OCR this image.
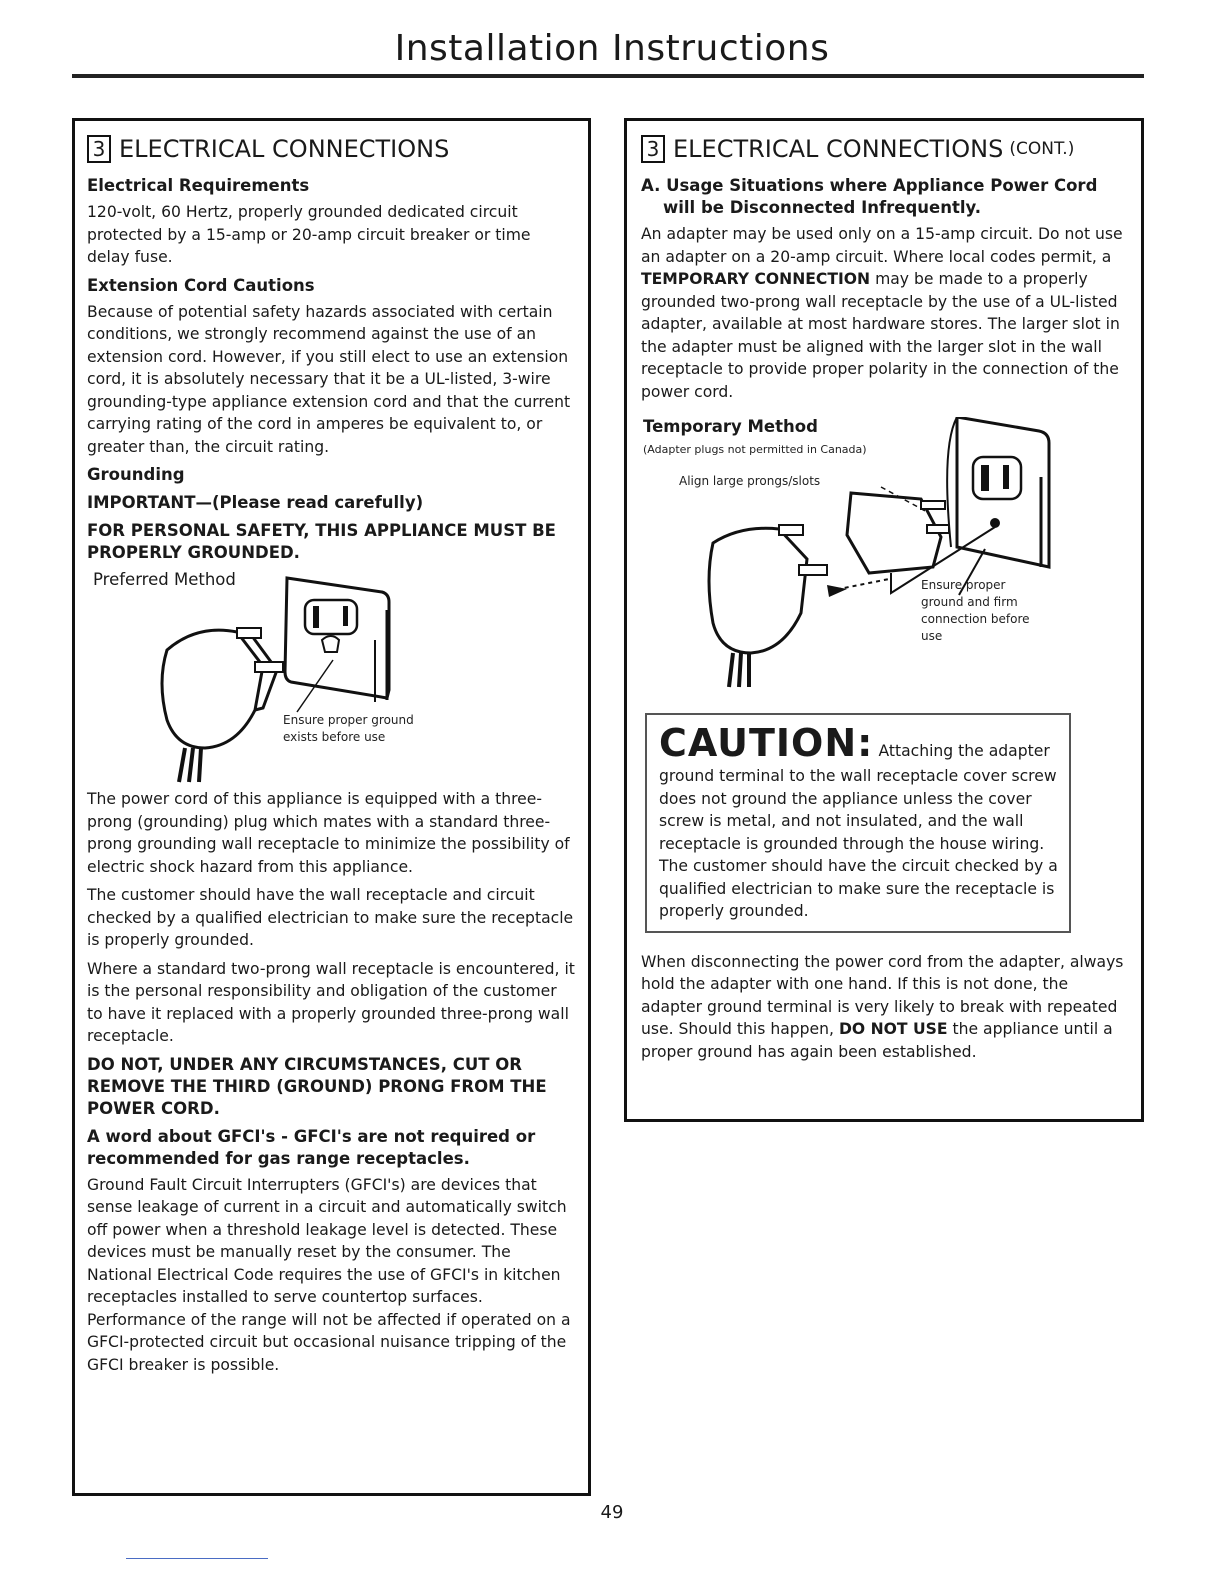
Installation Instructions
3 ELECTRICAL CONNECTIONS
Electrical Requirements

120-volt, 60 Hertz, properly grounded dedicated circuit protected by a 15-amp or 20-amp circuit breaker or time delay fuse.

Extension Cord Cautions

Because of potential safety hazards associated with certain conditions, we strongly recommend against the use of an extension cord. However, if you still elect to use an extension cord, it is absolutely necessary that it be a UL-listed, 3-wire grounding-type appliance extension cord and that the current carrying rating of the cord in amperes be equivalent to, or greater than, the circuit rating.

Grounding
IMPORTANT—(Please read carefully)
FOR PERSONAL SAFETY, THIS APPLIANCE MUST BE PROPERLY GROUNDED.
Preferred Method
Ensure proper ground exists before use

The power cord of this appliance is equipped with a three-prong (grounding) plug which mates with a standard three-prong grounding wall receptacle to minimize the possibility of electric shock hazard from this appliance.

The customer should have the wall receptacle and circuit checked by a qualified electrician to make sure the receptacle is properly grounded.

Where a standard two-prong wall receptacle is encountered, it is the personal responsibility and obligation of the customer to have it replaced with a properly grounded three-prong wall receptacle.

DO NOT, UNDER ANY CIRCUMSTANCES, CUT OR REMOVE THE THIRD (GROUND) PRONG FROM THE POWER CORD.
A word about GFCI's - GFCI's are not required or recommended for gas range receptacles.

Ground Fault Circuit Interrupters (GFCI's) are devices that sense leakage of current in a circuit and automatically switch off power when a threshold leakage level is detected. These devices must be manually reset by the consumer. The National Electrical Code requires the use of GFCI's in kitchen receptacles installed to serve countertop surfaces. Performance of the range will not be affected if operated on a GFCI-protected circuit but occasional nuisance tripping of the GFCI breaker is possible.

3 ELECTRICAL CONNECTIONS (CONT.)
A. Usage Situations where Appliance Power Cord will be Disconnected Infrequently.

An adapter may be used only on a 15-amp circuit. Do not use an adapter on a 20-amp circuit. Where local codes permit, a TEMPORARY CONNECTION may be made to a properly grounded two-prong wall receptacle by the use of a UL-listed adapter, available at most hardware stores. The larger slot in the adapter must be aligned with the larger slot in the wall receptacle to provide proper polarity in the connection of the power cord.

Temporary Method
(Adapter plugs not permitted in Canada)
Align large prongs/slots
Ensure proper ground and firm connection before use
CAUTION: Attaching the adapter ground terminal to the wall receptacle cover screw does not ground the appliance unless the cover screw is metal, and not insulated, and the wall receptacle is grounded through the house wiring. The customer should have the circuit checked by a qualified electrician to make sure the receptacle is properly grounded.

When disconnecting the power cord from the adapter, always hold the adapter with one hand. If this is not done, the adapter ground terminal is very likely to break with repeated use. Should this happen, DO NOT USE the appliance until a proper ground has again been established.

49
